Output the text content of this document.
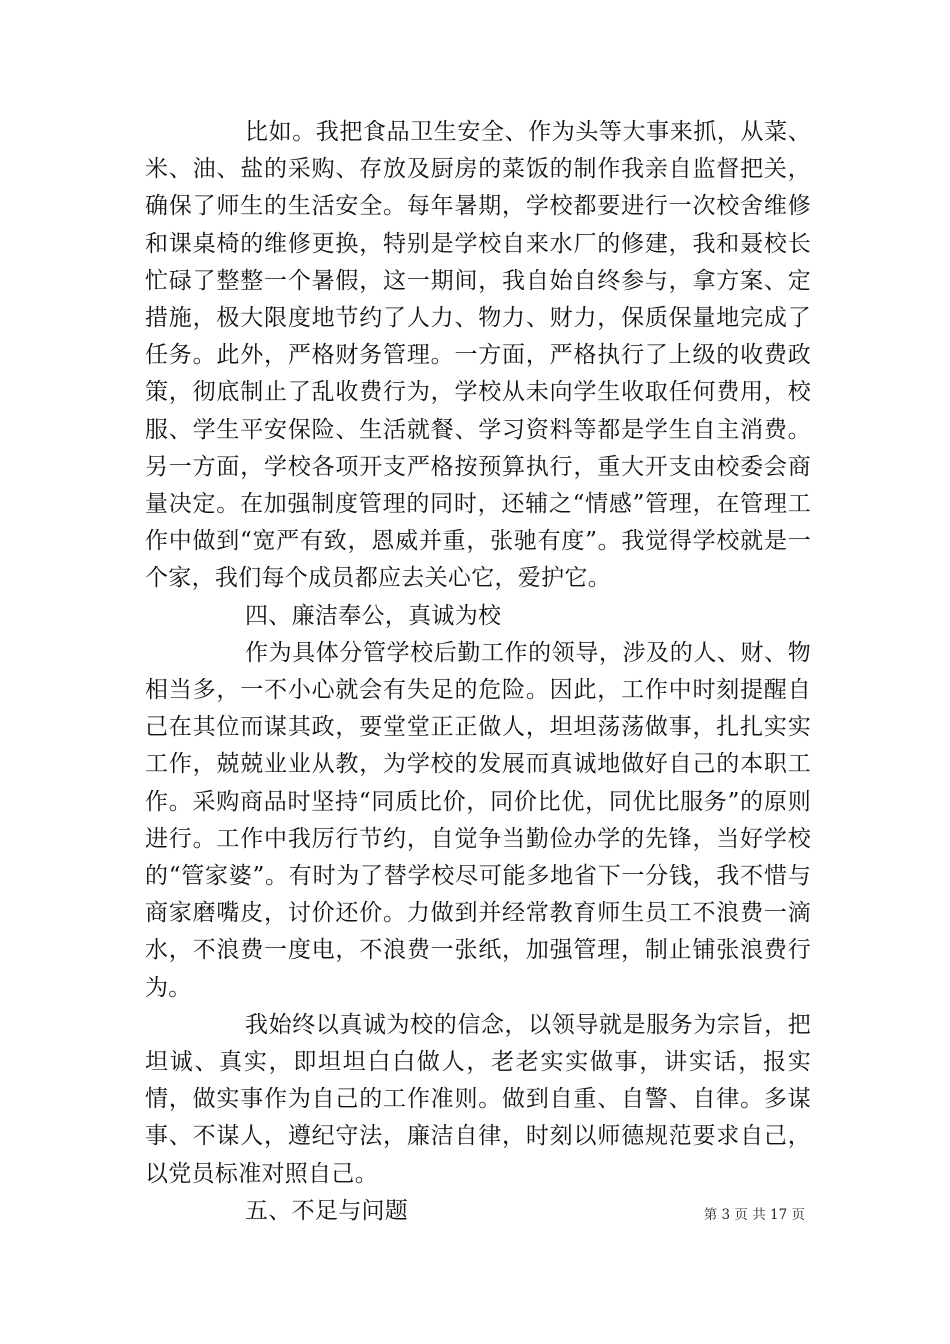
比如。我把食品卫生安全、作为头等大事来抓，从菜、米、油、盐的采购、存放及厨房的菜饭的制作我亲自监督把关，确保了师生的生活安全。每年暑期，学校都要进行一次校舍维修和课桌椅的维修更换，特别是学校自来水厂的修建，我和聂校长忙碌了整整一个暑假，这一期间，我自始自终参与，拿方案、定措施，极大限度地节约了人力、物力、财力，保质保量地完成了任务。此外，严格财务管理。一方面，严格执行了上级的收费政策，彻底制止了乱收费行为，学校从未向学生收取任何费用，校服、学生平安保险、生活就餐、学习资料等都是学生自主消费。另一方面，学校各项开支严格按预算执行，重大开支由校委会商量决定。在加强制度管理的同时，还辅之“情感”管理，在管理工作中做到“宽严有致，恩威并重，张驰有度”。我觉得学校就是一个家，我们每个成员都应去关心它，爱护它。

四、廉洁奉公，真诚为校

作为具体分管学校后勤工作的领导，涉及的人、财、物相当多，一不小心就会有失足的危险。因此，工作中时刻提醒自己在其位而谋其政，要堂堂正正做人，坦坦荡荡做事，扎扎实实工作，兢兢业业从教，为学校的发展而真诚地做好自己的本职工作。采购商品时坚持“同质比价，同价比优，同优比服务”的原则进行。工作中我厉行节约，自觉争当勤俭办学的先锋，当好学校的“管家婆”。有时为了替学校尽可能多地省下一分钱，我不惜与商家磨嘴皮，讨价还价。力做到并经常教育师生员工不浪费一滴水，不浪费一度电，不浪费一张纸，加强管理，制止铺张浪费行为。

我始终以真诚为校的信念，以领导就是服务为宗旨，把坦诚、真实，即坦坦白白做人，老老实实做事，讲实话，报实情，做实事作为自己的工作准则。做到自重、自警、自律。多谋事、不谋人，遵纪守法，廉洁自律，时刻以师德规范要求自己，以党员标准对照自己。

五、不足与问题	第 3 页 共 17 页
